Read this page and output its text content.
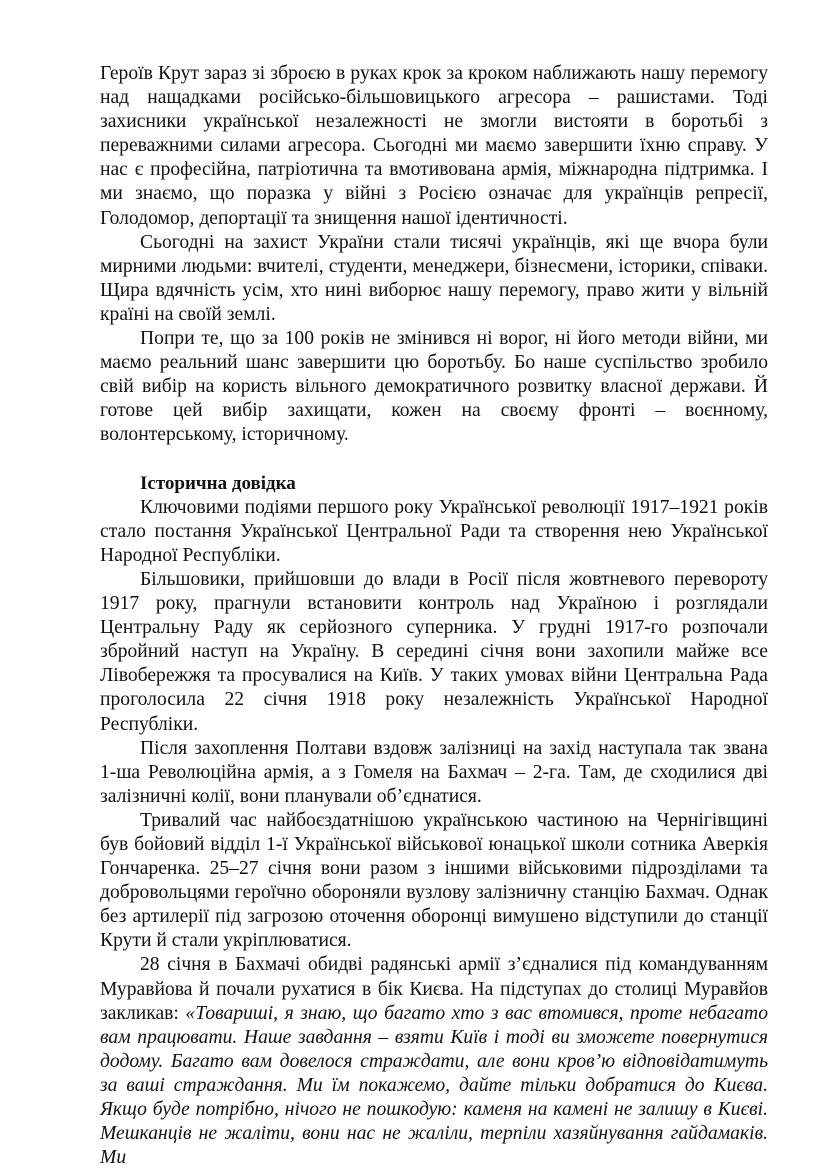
Героїв Крут зараз зі зброєю в руках крок за кроком наближають нашу перемогу над нащадками російсько-більшовицького агресора – рашистами. Тоді захисники української незалежності не змогли вистояти в боротьбі з переважними силами агресора. Сьогодні ми маємо завершити їхню справу. У нас є професійна, патріотична та вмотивована армія, міжнародна підтримка. І ми знаємо, що поразка у війні з Росією означає для українців репресії, Голодомор, депортації та знищення нашої ідентичності.

Сьогодні на захист України стали тисячі українців, які ще вчора були мирними людьми: вчителі, студенти, менеджери, бізнесмени, історики, співаки. Щира вдячність усім, хто нині виборює нашу перемогу, право жити у вільній країні на своїй землі.

Попри те, що за 100 років не змінився ні ворог, ні його методи війни, ми маємо реальний шанс завершити цю боротьбу. Бо наше суспільство зробило свій вибір на користь вільного демократичного розвитку власної держави. Й готове цей вибір захищати, кожен на своєму фронті – воєнному, волонтерському, історичному.

Історична довідка

Ключовими подіями першого року Української революції 1917–1921 років стало постання Української Центральної Ради та створення нею Української Народної Республіки.

Більшовики, прийшовши до влади в Росії після жовтневого перевороту 1917 року, прагнули встановити контроль над Україною і розглядали Центральну Раду як серйозного суперника. У грудні 1917-го розпочали збройний наступ на Україну. В середині січня вони захопили майже все Лівобережжя та просувалися на Київ. У таких умовах війни Центральна Рада проголосила 22 січня 1918 року незалежність Української Народної Республіки.

Після захоплення Полтави вздовж залізниці на захід наступала так звана 1-ша Революційна армія, а з Гомеля на Бахмач – 2-га. Там, де сходилися дві залізничні колії, вони планували об’єднатися.

Тривалий час найбоєздатнішою українською частиною на Чернігівщині був бойовий відділ 1-ї Української військової юнацької школи сотника Аверкія Гончаренка. 25–27 січня вони разом з іншими військовими підрозділами та добровольцями героїчно обороняли вузлову залізничну станцію Бахмач. Однак без артилерії під загрозою оточення оборонці вимушено відступили до станції Крути й стали укріплюватися.

28 січня в Бахмачі обидві радянські армії з’єдналися під командуванням Муравйова й почали рухатися в бік Києва. На підступах до столиці Муравйов закликав: «Товариші, я знаю, що багато хто з вас втомився, проте небагато вам працювати. Наше завдання – взяти Київ і тоді ви зможете повернутися додому. Багато вам довелося страждати, але вони кров’ю відповідатимуть за ваші страждання. Ми їм покажемо, дайте тільки добратися до Києва. Якщо буде потрібно, нічого не пошкодую: каменя на камені не залишу в Києві. Мешканців не жаліти, вони нас не жаліли, терпіли хазяйнування гайдамаків. Ми
